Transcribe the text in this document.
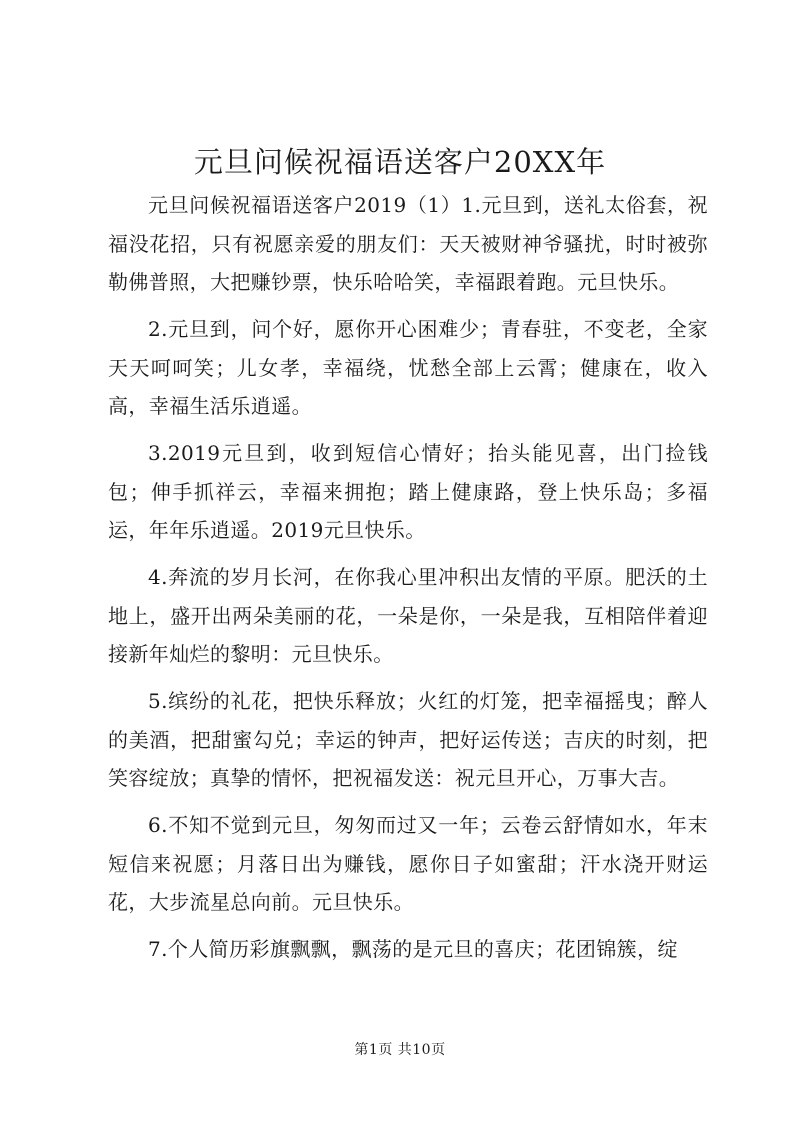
元旦问候祝福语送客户20XX年

元旦问候祝福语送客户2019（1）1.元旦到，送礼太俗套，祝福没花招，只有祝愿亲爱的朋友们：天天被财神爷骚扰，时时被弥勒佛普照，大把赚钞票，快乐哈哈笑，幸福跟着跑。元旦快乐。

2.元旦到，问个好，愿你开心困难少；青春驻，不变老，全家天天呵呵笑；儿女孝，幸福绕，忧愁全部上云霄；健康在，收入高，幸福生活乐逍遥。

3.2019元旦到，收到短信心情好；抬头能见喜，出门捡钱包；伸手抓祥云，幸福来拥抱；踏上健康路，登上快乐岛；多福运，年年乐逍遥。2019元旦快乐。

4.奔流的岁月长河，在你我心里冲积出友情的平原。肥沃的土地上，盛开出两朵美丽的花，一朵是你，一朵是我，互相陪伴着迎接新年灿烂的黎明：元旦快乐。

5.缤纷的礼花，把快乐释放；火红的灯笼，把幸福摇曳；醉人的美酒，把甜蜜勾兑；幸运的钟声，把好运传送；吉庆的时刻，把笑容绽放；真挚的情怀，把祝福发送：祝元旦开心，万事大吉。

6.不知不觉到元旦，匆匆而过又一年；云卷云舒情如水，年末短信来祝愿；月落日出为赚钱，愿你日子如蜜甜；汗水浇开财运花，大步流星总向前。元旦快乐。

7.个人简历彩旗飘飘，飘荡的是元旦的喜庆；花团锦簇，绽

第1页 共10页
